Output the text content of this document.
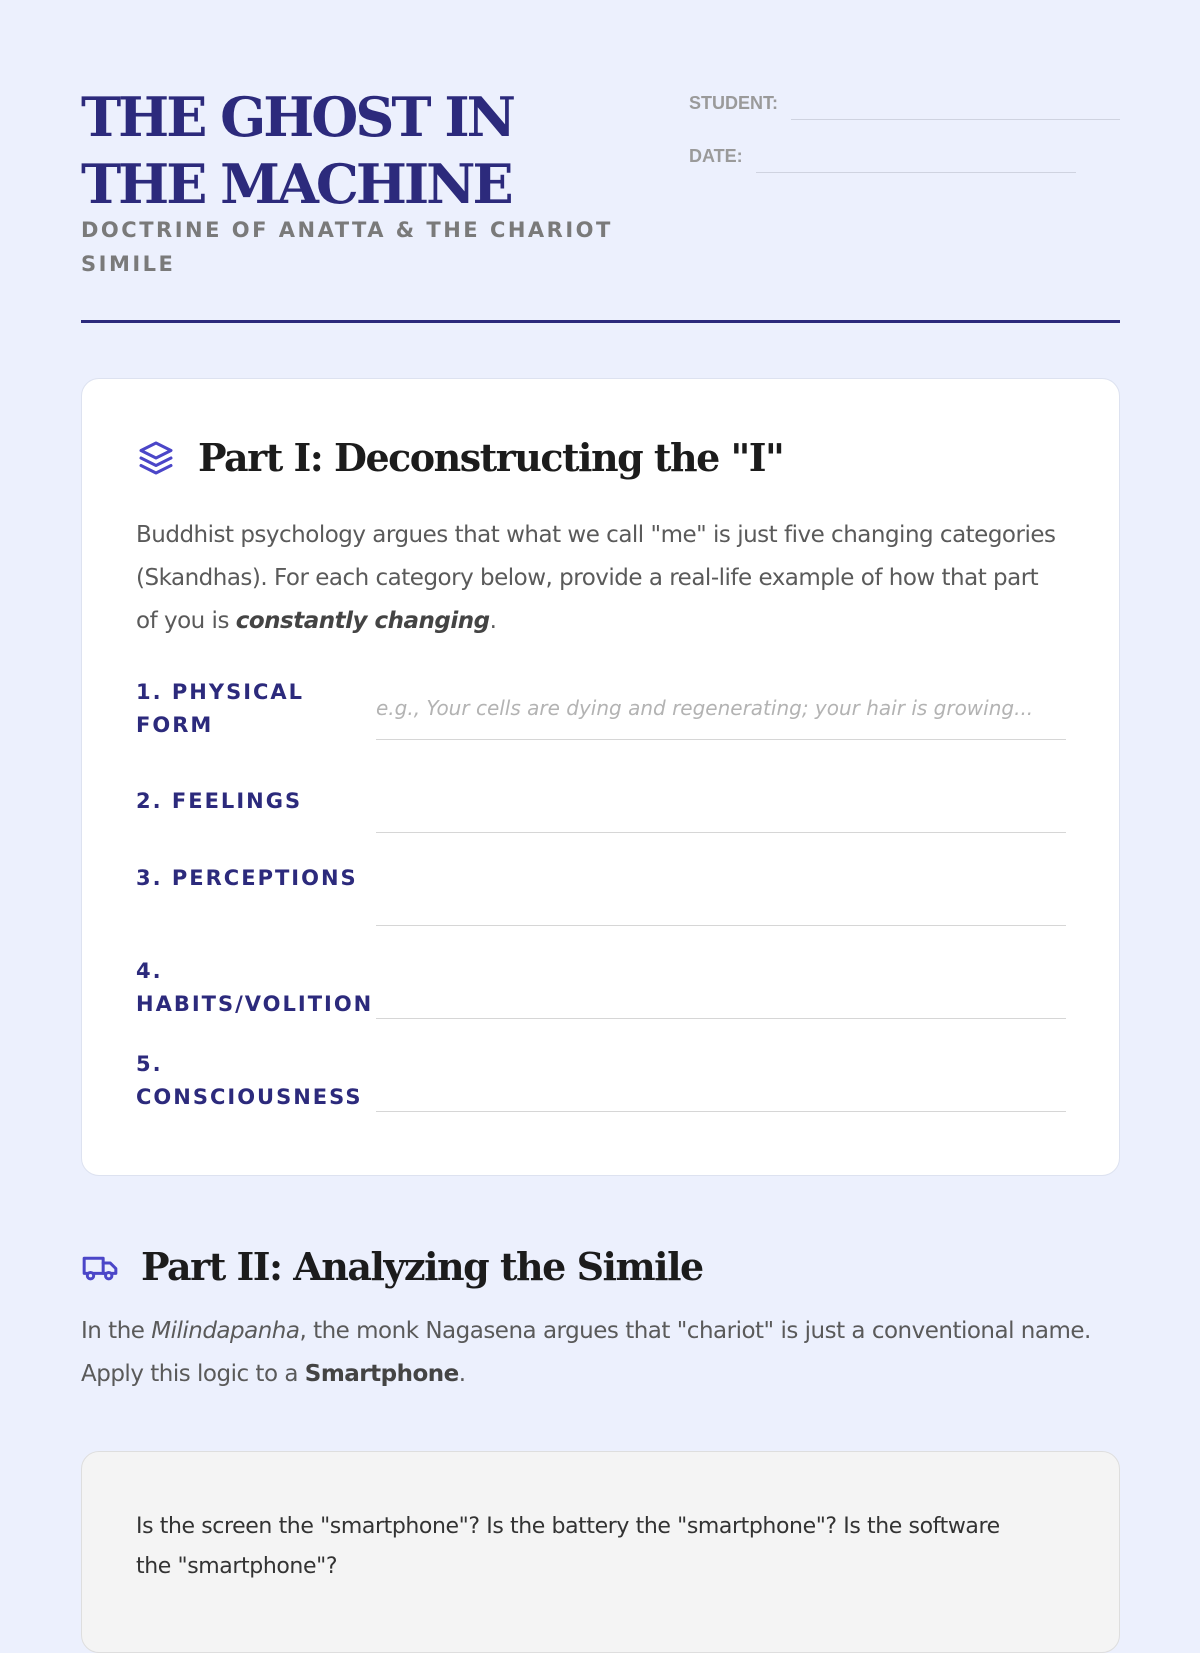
THE GHOST IN THE MACHINE
DOCTRINE OF ANATTA & THE CHARIOT SIMILE
STUDENT:
DATE:
Part I: Deconstructing the "I"

Buddhist psychology argues that what we call "me" is just five changing categories (Skandhas). For each category below, provide a real-life example of how that part of you is constantly changing.

1. PHYSICAL FORM
e.g., Your cells are dying and regenerating; your hair is growing...
2. FEELINGS
3. PERCEPTIONS
4. HABITS/VOLITION
5. CONSCIOUSNESS
Part II: Analyzing the Simile

In the Milindapanha, the monk Nagasena argues that "chariot" is just a conventional name. Apply this logic to a Smartphone.

Is the screen the "smartphone"? Is the battery the "smartphone"? Is the software the "smartphone"?
